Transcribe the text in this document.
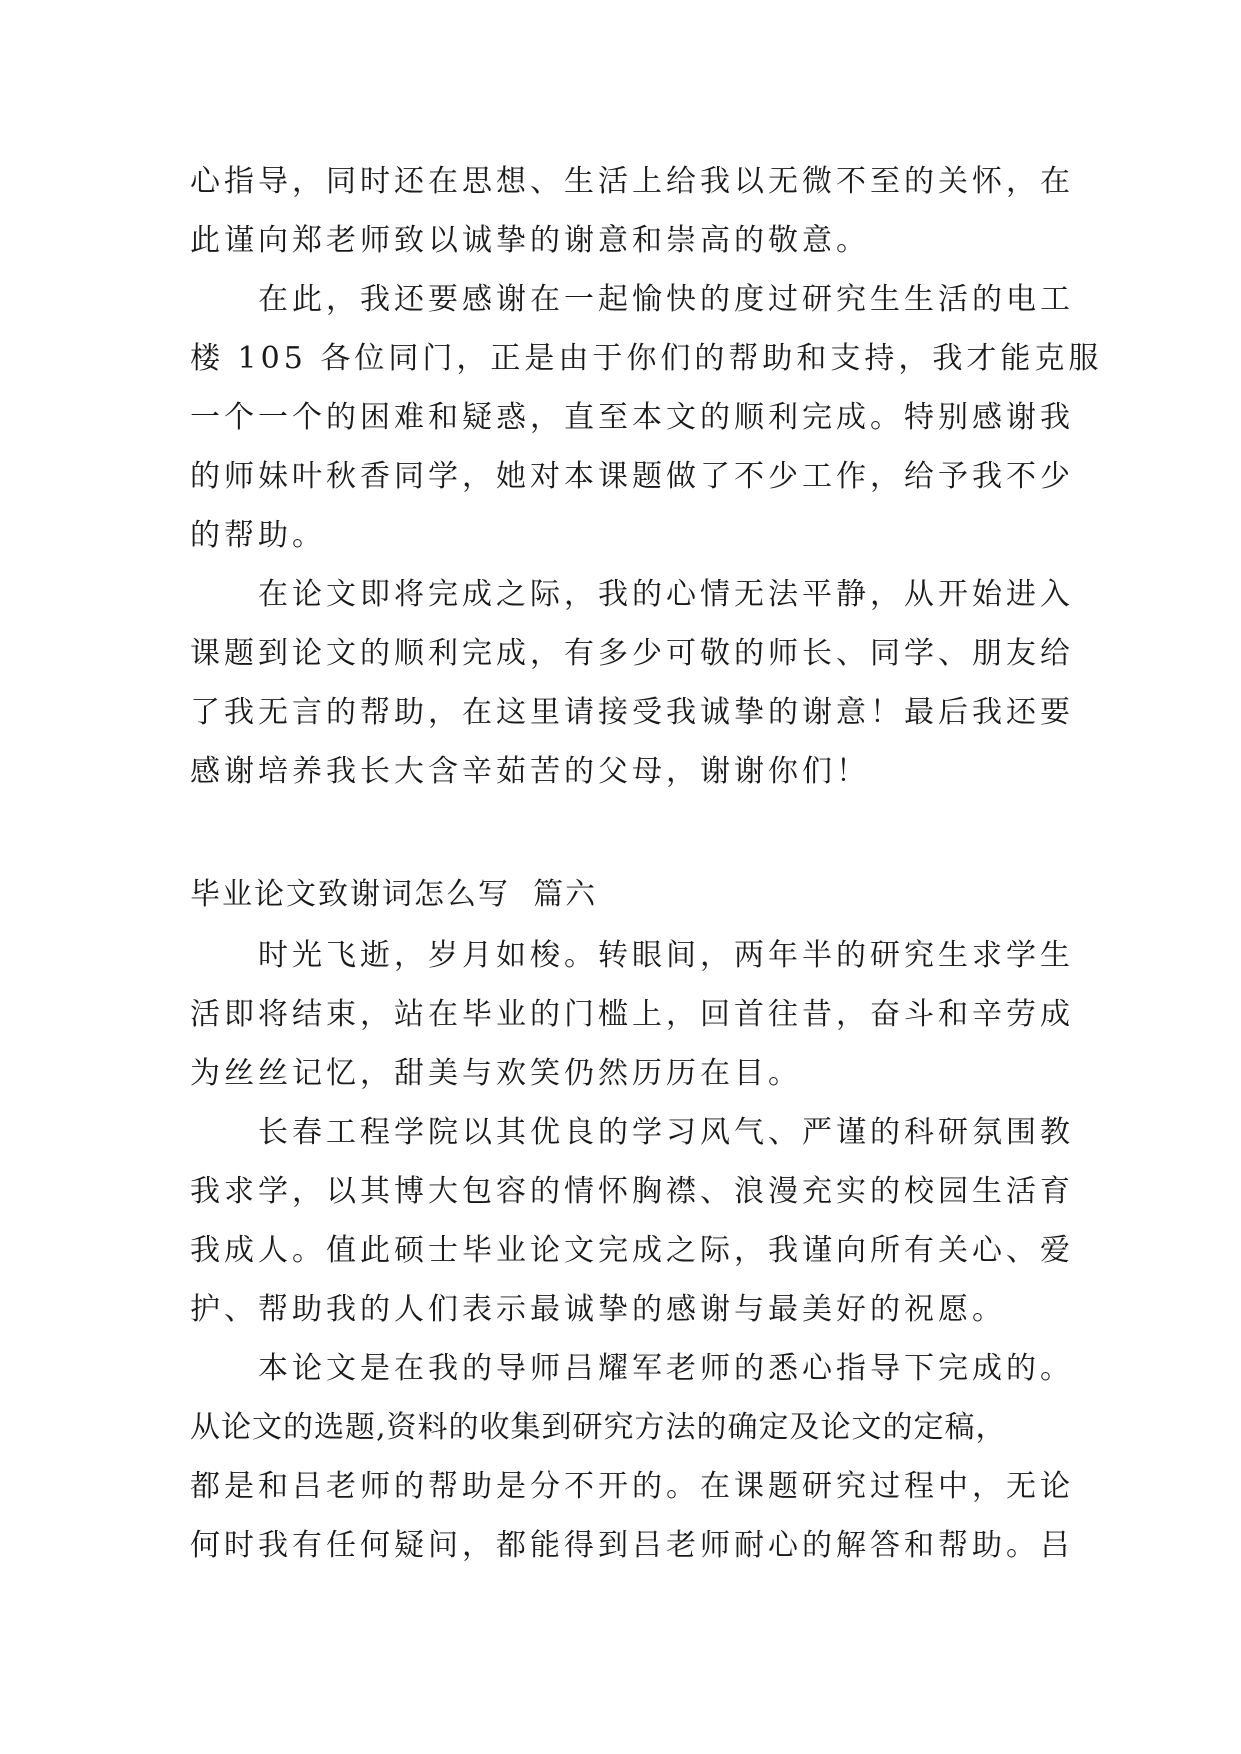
心指导，同时还在思想、生活上给我以无微不至的关怀，在
此谨向郑老师致以诚挚的谢意和崇高的敬意。
在此，我还要感谢在一起愉快的度过研究生生活的电工
楼 105 各位同门，正是由于你们的帮助和支持，我才能克服
一个一个的困难和疑惑，直至本文的顺利完成。特别感谢我
的师妹叶秋香同学，她对本课题做了不少工作，给予我不少
的帮助。
在论文即将完成之际，我的心情无法平静，从开始进入
课题到论文的顺利完成，有多少可敬的师长、同学、朋友给
了我无言的帮助，在这里请接受我诚挚的谢意！最后我还要
感谢培养我长大含辛茹苦的父母，谢谢你们！
毕业论文致谢词怎么写  篇六
时光飞逝，岁月如梭。转眼间，两年半的研究生求学生
活即将结束，站在毕业的门槛上，回首往昔，奋斗和辛劳成
为丝丝记忆，甜美与欢笑仍然历历在目。
长春工程学院以其优良的学习风气、严谨的科研氛围教
我求学，以其博大包容的情怀胸襟、浪漫充实的校园生活育
我成人。值此硕士毕业论文完成之际，我谨向所有关心、爱
护、帮助我的人们表示最诚挚的感谢与最美好的祝愿。
本论文是在我的导师吕耀军老师的悉心指导下完成的。
从论文的选题,资料的收集到研究方法的确定及论文的定稿，
都是和吕老师的帮助是分不开的。在课题研究过程中，无论
何时我有任何疑问，都能得到吕老师耐心的解答和帮助。吕
